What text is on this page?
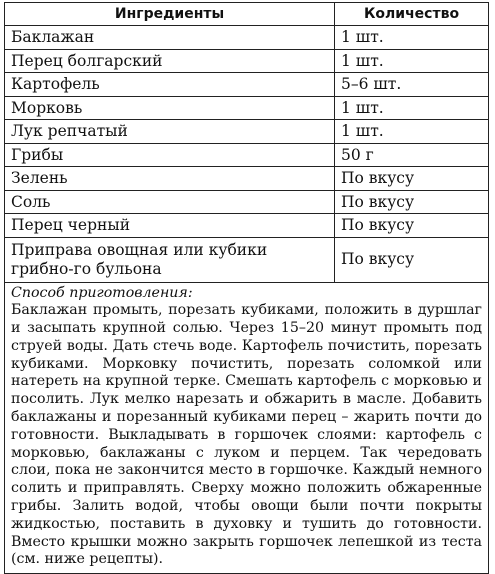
Ингредиенты	Количество
Баклажан	1 шт.
Перец болгарский	1 шт.
Картофель	5–6 шт.
Морковь	1 шт.
Лук репчатый	1 шт.
Грибы	50 г
Зелень	По вкусу
Соль	По вкусу
Перец черный	По вкусу
Приправа овощная или кубики грибно-го бульона	По вкусу

Способ приготовления:
Баклажан промыть, порезать кубиками, положить в дуршлаг и засыпать крупной солью. Через 15–20 минут промыть под струей воды. Дать стечь воде. Картофель почистить, порезать кубиками. Морковку почистить, порезать соломкой или натереть на крупной терке. Смешать картофель с морковью и посолить. Лук мелко нарезать и обжарить в масле. Добавить баклажаны и порезанный кубиками перец – жарить почти до готовности. Выкладывать в горшочек слоями: картофель с морковью, баклажаны с луком и перцем. Так чередовать слои, пока не закончится место в горшочке. Каждый немного солить и приправлять. Сверху можно положить обжаренные грибы. Залить водой, чтобы овощи были почти покрыты жидкостью, поставить в духовку и тушить до готовности. Вместо крышки можно закрыть горшочек лепешкой из теста (см. ниже рецепты).	
